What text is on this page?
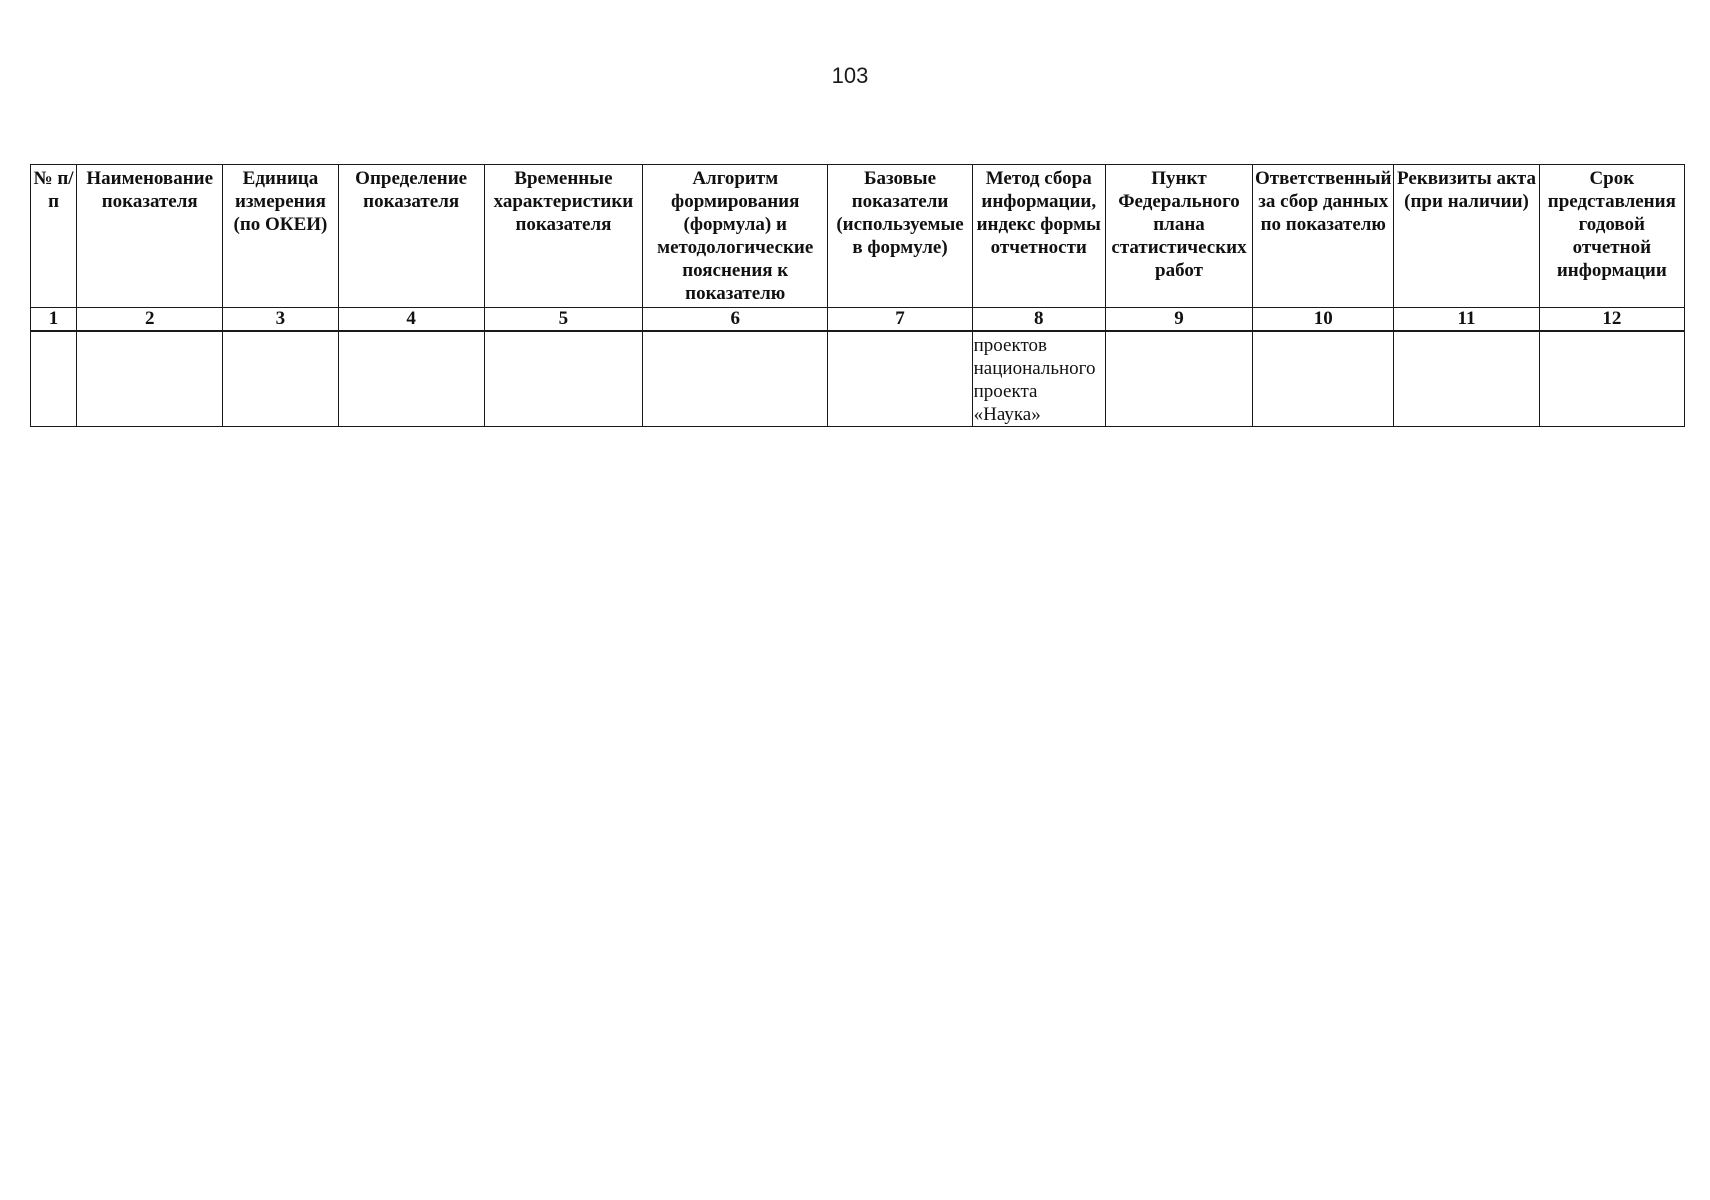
103
№ п/п	Наименование показателя	Единица измерения (по ОКЕИ)	Определение показателя	Временные характеристики показателя	Алгоритм формирования (формула) и методологические пояснения к показателю	Базовые показатели (используемые в формуле)	Метод сбора информации, индекс формы отчетности	Пункт Федерального плана статистических работ	Ответственный за сбор данных по показателю	Реквизиты акта (при наличии)	Срок представления годовой отчетной информации
1	2	3	4	5	6	7	8	9	10	11	12
							проектов национального проекта «Наука»				
